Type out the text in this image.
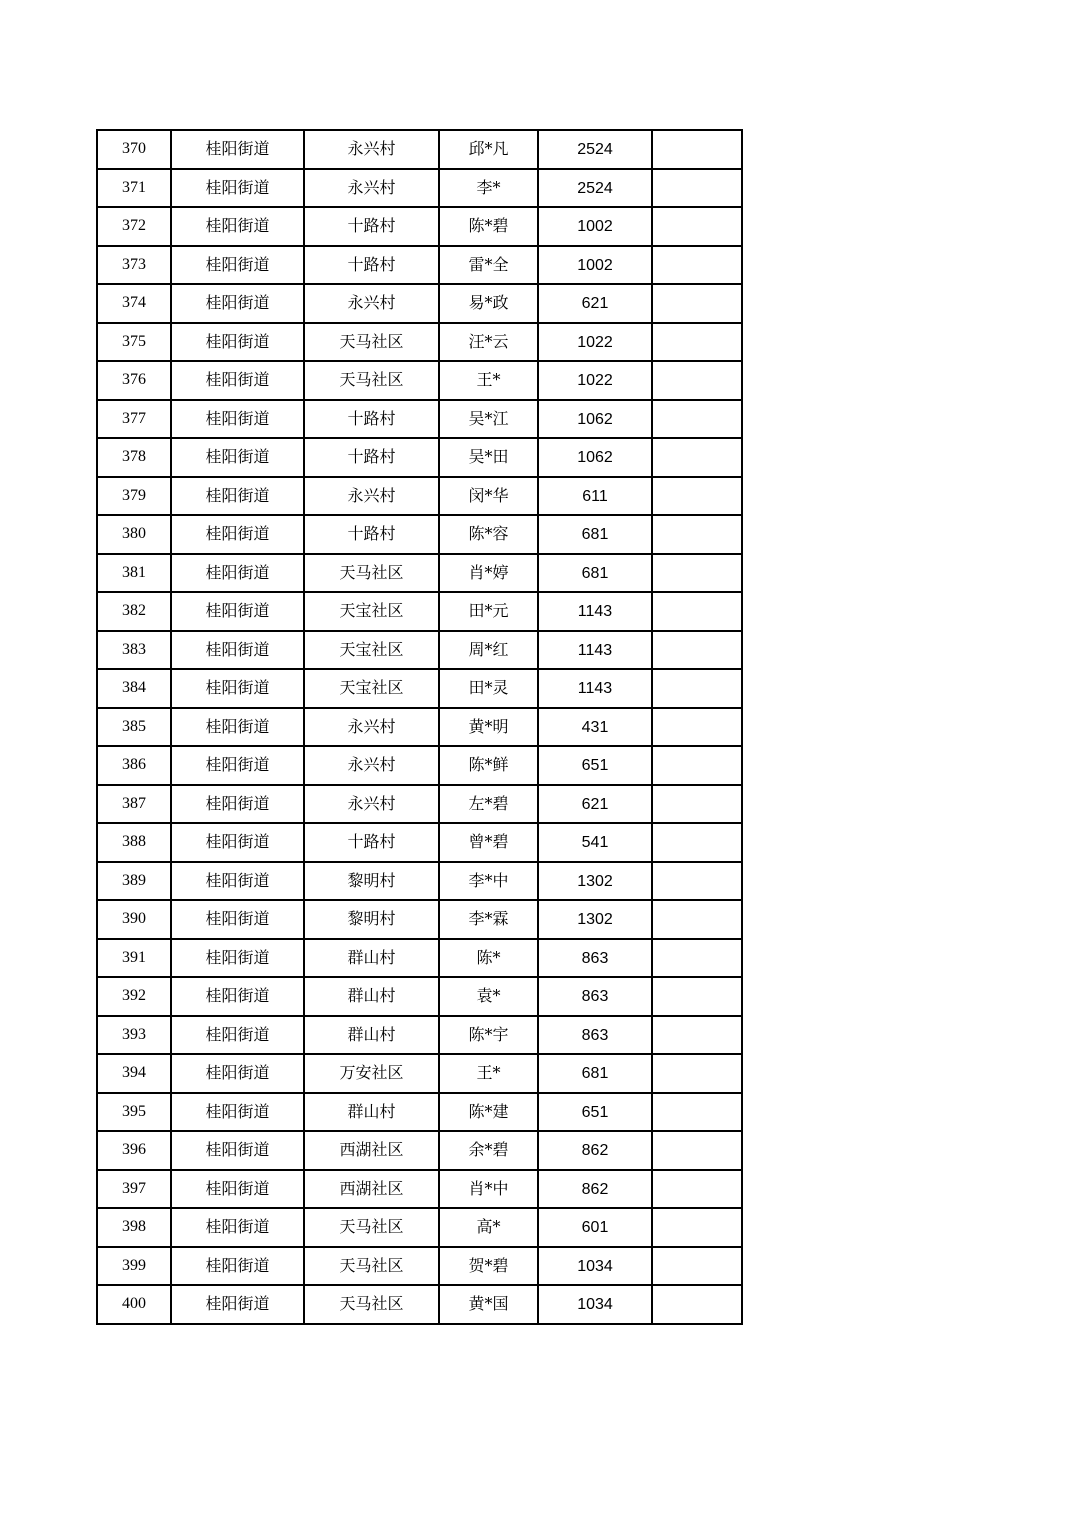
370	桂阳街道	永兴村	邱*凡	2524	
371	桂阳街道	永兴村	李*	2524	
372	桂阳街道	十路村	陈*碧	1002	
373	桂阳街道	十路村	雷*全	1002	
374	桂阳街道	永兴村	易*政	621	
375	桂阳街道	天马社区	汪*云	1022	
376	桂阳街道	天马社区	王*	1022	
377	桂阳街道	十路村	吴*江	1062	
378	桂阳街道	十路村	吴*田	1062	
379	桂阳街道	永兴村	闵*华	611	
380	桂阳街道	十路村	陈*容	681	
381	桂阳街道	天马社区	肖*婷	681	
382	桂阳街道	天宝社区	田*元	1143	
383	桂阳街道	天宝社区	周*红	1143	
384	桂阳街道	天宝社区	田*灵	1143	
385	桂阳街道	永兴村	黄*明	431	
386	桂阳街道	永兴村	陈*鲜	651	
387	桂阳街道	永兴村	左*碧	621	
388	桂阳街道	十路村	曾*碧	541	
389	桂阳街道	黎明村	李*中	1302	
390	桂阳街道	黎明村	李*霖	1302	
391	桂阳街道	群山村	陈*	863	
392	桂阳街道	群山村	袁*	863	
393	桂阳街道	群山村	陈*宇	863	
394	桂阳街道	万安社区	王*	681	
395	桂阳街道	群山村	陈*建	651	
396	桂阳街道	西湖社区	余*碧	862	
397	桂阳街道	西湖社区	肖*中	862	
398	桂阳街道	天马社区	高*	601	
399	桂阳街道	天马社区	贺*碧	1034	
400	桂阳街道	天马社区	黄*国	1034	
